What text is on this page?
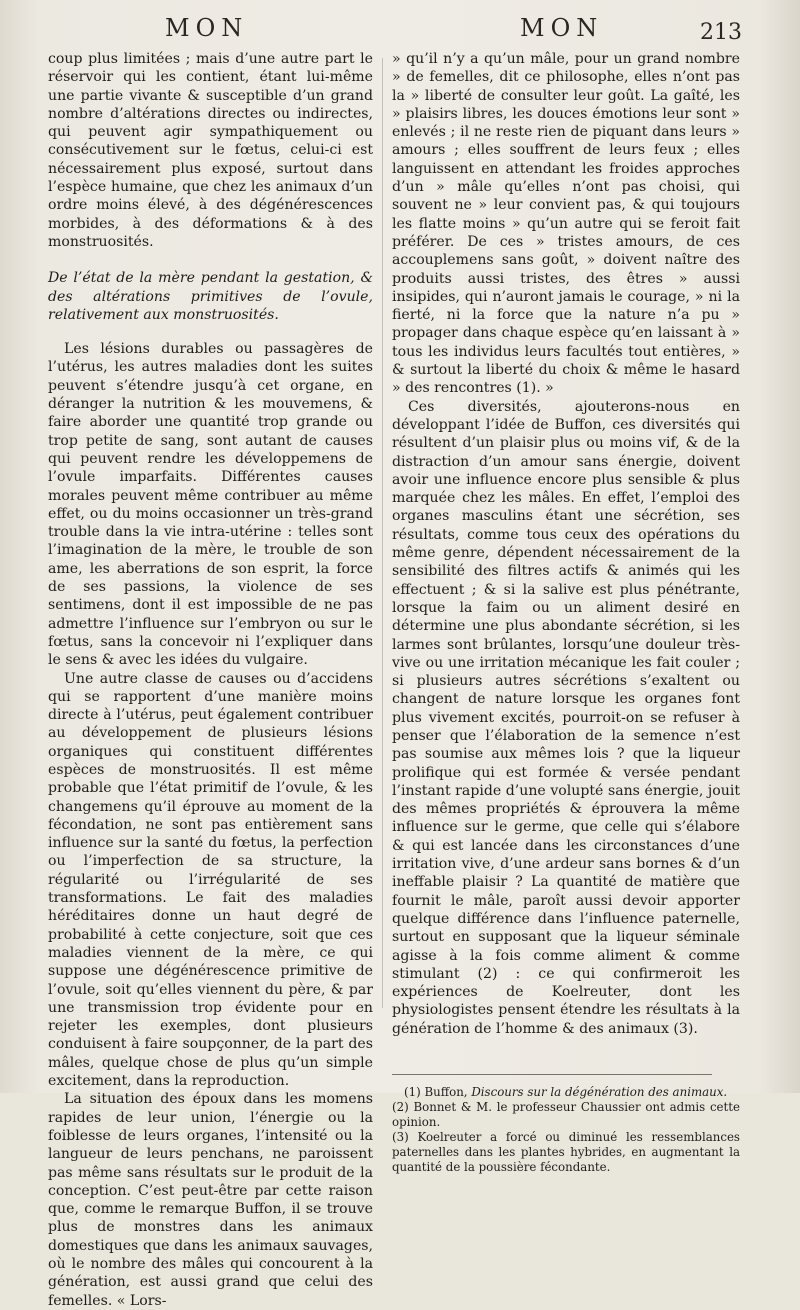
MON	MON	213

coup plus limitées ; mais d’une autre part le réservoir qui les contient, étant lui-même une partie vivante & susceptible d’un grand nombre d’altérations directes ou indirectes, qui peuvent agir sympathiquement ou consécutivement sur le fœtus, celui-ci est nécessairement plus exposé, surtout dans l’espèce humaine, que chez les animaux d’un ordre moins élevé, à des dégénérescences morbides, à des déformations & à des monstruosités.

De l’état de la mère pendant la gestation, & des altérations primitives de l’ovule, relativement aux monstruosités.

Les lésions durables ou passagères de l’utérus, les autres maladies dont les suites peuvent s’étendre jusqu’à cet organe, en déranger la nutrition & les mouvemens, & faire aborder une quantité trop grande ou trop petite de sang, sont autant de causes qui peuvent rendre les développemens de l’ovule imparfaits. Différentes causes morales peuvent même contribuer au même effet, ou du moins occasionner un très-grand trouble dans la vie intra-utérine : telles sont l’imagination de la mère, le trouble de son ame, les aberrations de son esprit, la force de ses passions, la violence de ses sentimens, dont il est impossible de ne pas admettre l’influence sur l’embryon ou sur le fœtus, sans la concevoir ni l’expliquer dans le sens & avec les idées du vulgaire.

Une autre classe de causes ou d’accidens qui se rapportent d’une manière moins directe à l’utérus, peut également contribuer au développement de plusieurs lésions organiques qui constituent différentes espèces de monstruosités. Il est même probable que l’état primitif de l’ovule, & les changemens qu’il éprouve au moment de la fécondation, ne sont pas entièrement sans influence sur la santé du fœtus, la perfection ou l’imperfection de sa structure, la régularité ou l’irrégularité de ses transformations. Le fait des maladies héréditaires donne un haut degré de probabilité à cette conjecture, soit que ces maladies viennent de la mère, ce qui suppose une dégénérescence primitive de l’ovule, soit qu’elles viennent du père, & par une transmission trop évidente pour en rejeter les exemples, dont plusieurs conduisent à faire soupçonner, de la part des mâles, quelque chose de plus qu’un simple excitement, dans la reproduction.

La situation des époux dans les momens rapides de leur union, l’énergie ou la foiblesse de leurs organes, l’intensité ou la langueur de leurs penchans, ne paroissent pas même sans résultats sur le produit de la conception. C’est peut-être par cette raison que, comme le remarque Buffon, il se trouve plus de monstres dans les animaux domestiques que dans les animaux sauvages, où le nombre des mâles qui concourent à la génération, est aussi grand que celui des femelles. « Lors-

» qu’il n’y a qu’un mâle, pour un grand nombre » de femelles, dit ce philosophe, elles n’ont pas la » liberté de consulter leur goût. La gaîté, les » plaisirs libres, les douces émotions leur sont » enlevés ; il ne reste rien de piquant dans leurs » amours ; elles souffrent de leurs feux ; elles languissent en attendant les froides approches d’un » mâle qu’elles n’ont pas choisi, qui souvent ne » leur convient pas, & qui toujours les flatte moins » qu’un autre qui se feroit fait préférer. De ces » tristes amours, de ces accouplemens sans goût, » doivent naître des produits aussi tristes, des êtres » aussi insipides, qui n’auront jamais le courage, » ni la fierté, ni la force que la nature n’a pu » propager dans chaque espèce qu’en laissant à » tous les individus leurs facultés tout entières, » & surtout la liberté du choix & même le hasard » des rencontres (1). »

Ces diversités, ajouterons-nous en développant l’idée de Buffon, ces diversités qui résultent d’un plaisir plus ou moins vif, & de la distraction d’un amour sans énergie, doivent avoir une influence encore plus sensible & plus marquée chez les mâles. En effet, l’emploi des organes masculins étant une sécrétion, ses résultats, comme tous ceux des opérations du même genre, dépendent nécessairement de la sensibilité des filtres actifs & animés qui les effectuent ; & si la salive est plus pénétrante, lorsque la faim ou un aliment desiré en détermine une plus abondante sécrétion, si les larmes sont brûlantes, lorsqu’une douleur très-vive ou une irritation mécanique les fait couler ; si plusieurs autres sécrétions s’exaltent ou changent de nature lorsque les organes font plus vivement excités, pourroit-on se refuser à penser que l’élaboration de la semence n’est pas soumise aux mêmes lois ? que la liqueur prolifique qui est formée & versée pendant l’instant rapide d’une volupté sans énergie, jouit des mêmes propriétés & éprouvera la même influence sur le germe, que celle qui s’élabore & qui est lancée dans les circonstances d’une irritation vive, d’une ardeur sans bornes & d’un ineffable plaisir ? La quantité de matière que fournit le mâle, paroît aussi devoir apporter quelque différence dans l’influence paternelle, surtout en supposant que la liqueur séminale agisse à la fois comme aliment & comme stimulant (2) : ce qui confirmeroit les expériences de Koelreuter, dont les physiologistes pensent étendre les résultats à la génération de l’homme & des animaux (3).

(1) Buffon, Discours sur la dégénération des animaux.

(2) Bonnet & M. le professeur Chaussier ont admis cette opinion.

(3) Koelreuter a forcé ou diminué les ressemblances paternelles dans les plantes hybrides, en augmentant la quantité de la poussière fécondante.
